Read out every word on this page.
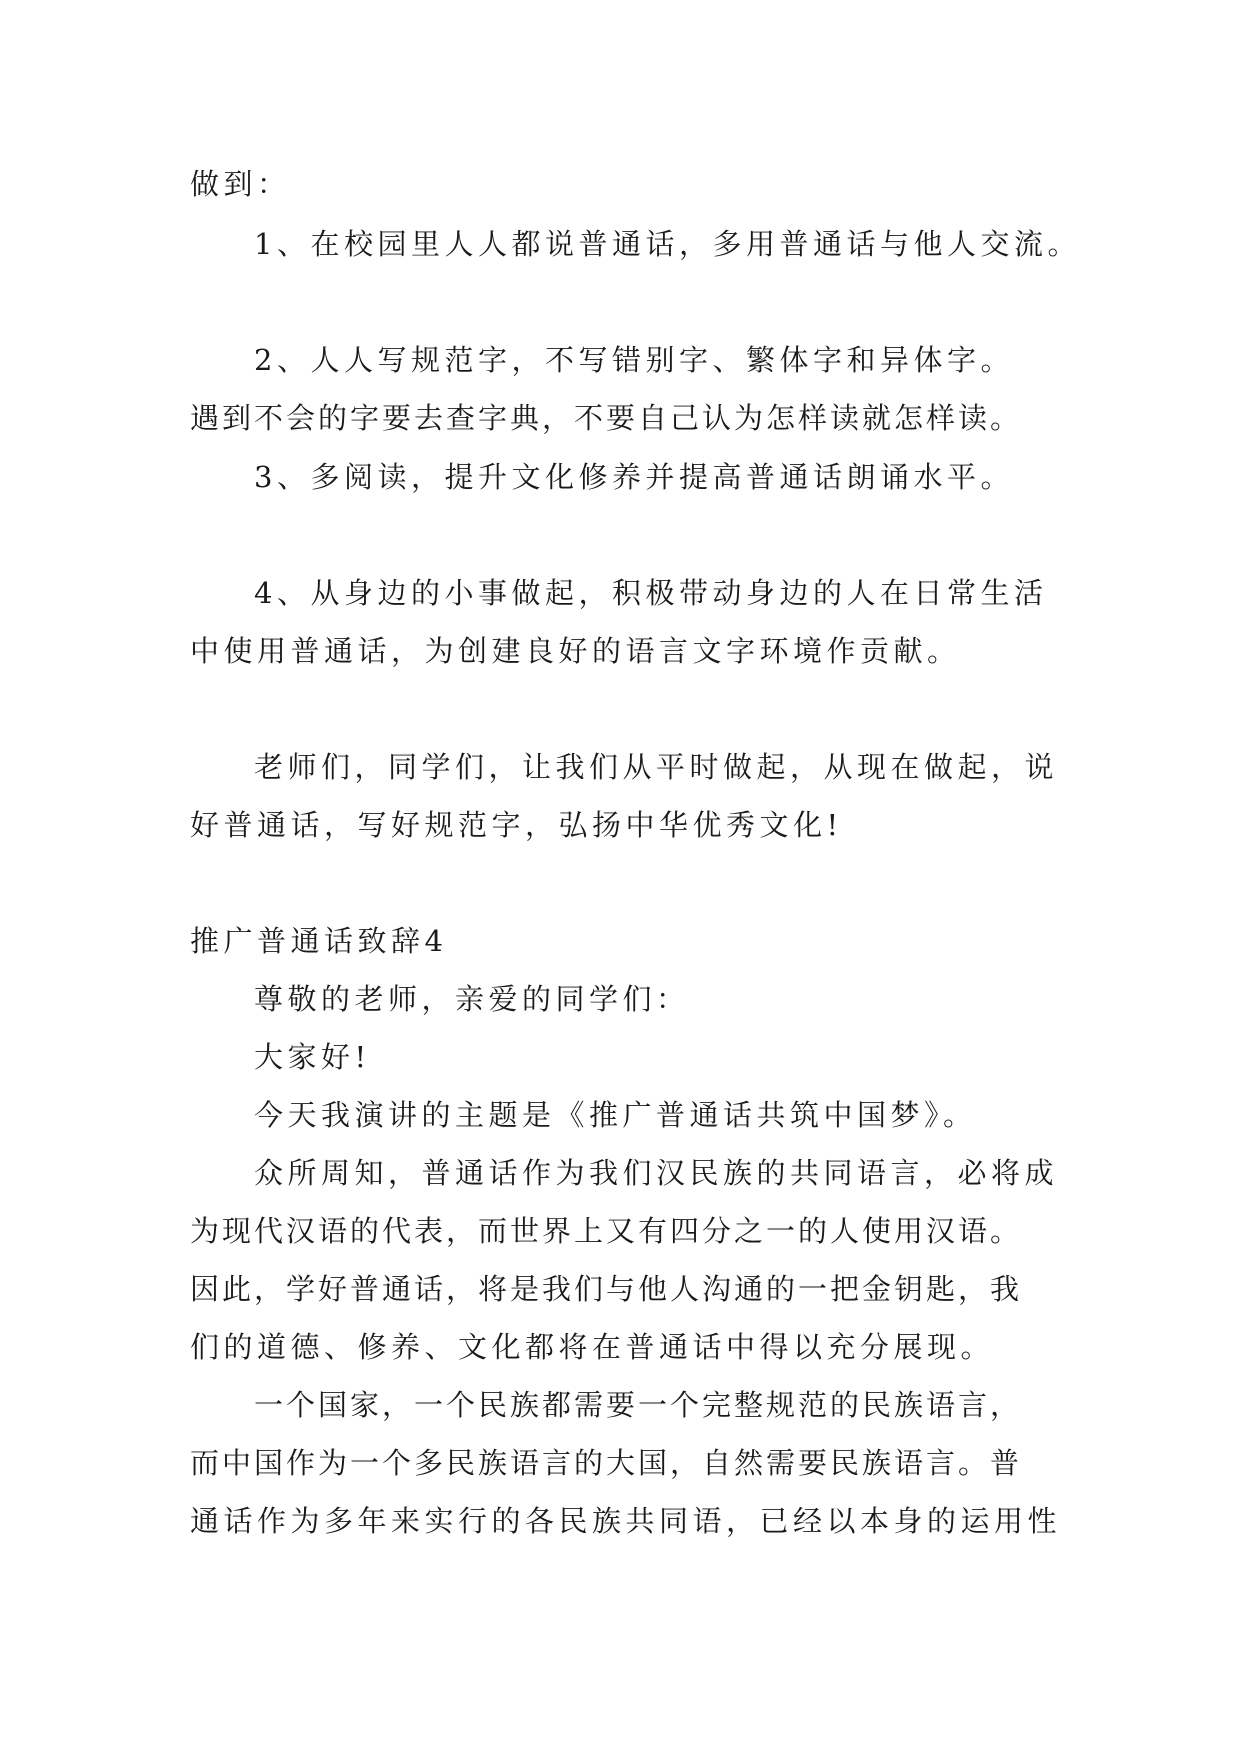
做到：
1、在校园里人人都说普通话，多用普通话与他人交流。
2、人人写规范字，不写错别字、繁体字和异体字。
遇到不会的字要去查字典，不要自己认为怎样读就怎样读。
3、多阅读，提升文化修养并提高普通话朗诵水平。
4、从身边的小事做起，积极带动身边的人在日常生活
中使用普通话，为创建良好的语言文字环境作贡献。
老师们，同学们，让我们从平时做起，从现在做起，说
好普通话，写好规范字，弘扬中华优秀文化!
推广普通话致辞4
尊敬的老师，亲爱的同学们：
大家好!
今天我演讲的主题是《推广普通话共筑中国梦》。
众所周知，普通话作为我们汉民族的共同语言，必将成
为现代汉语的代表，而世界上又有四分之一的人使用汉语。
因此，学好普通话，将是我们与他人沟通的一把金钥匙，我
们的道德、修养、文化都将在普通话中得以充分展现。
一个国家，一个民族都需要一个完整规范的民族语言，
而中国作为一个多民族语言的大国，自然需要民族语言。普
通话作为多年来实行的各民族共同语，已经以本身的运用性
